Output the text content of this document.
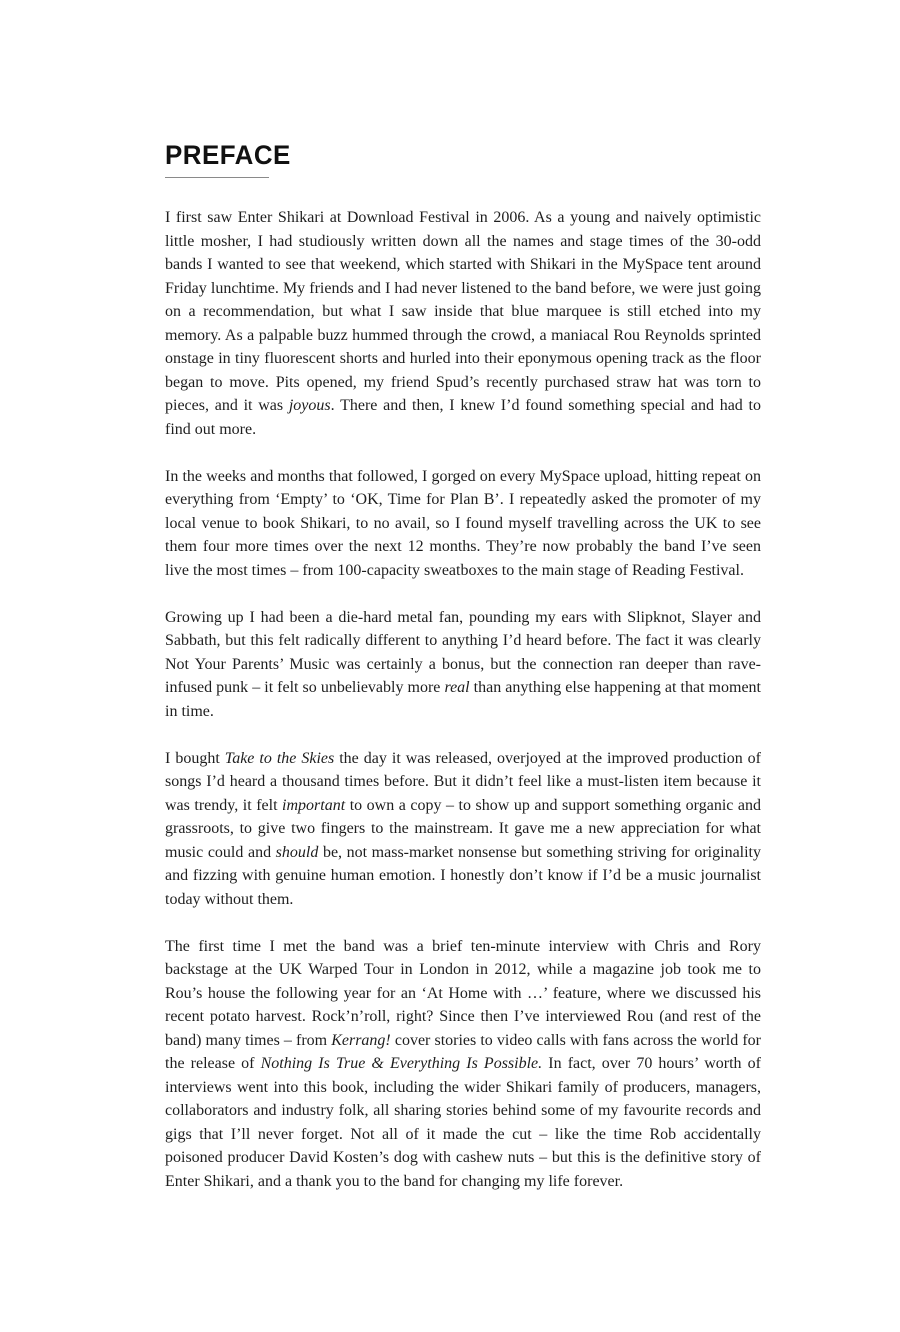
PREFACE

I first saw Enter Shikari at Download Festival in 2006. As a young and naively optimistic little mosher, I had studiously written down all the names and stage times of the 30-odd bands I wanted to see that weekend, which started with Shikari in the MySpace tent around Friday lunchtime. My friends and I had never listened to the band before, we were just going on a recommendation, but what I saw inside that blue marquee is still etched into my memory. As a palpable buzz hummed through the crowd, a maniacal Rou Reynolds sprinted onstage in tiny fluorescent shorts and hurled into their eponymous opening track as the floor began to move. Pits opened, my friend Spud’s recently purchased straw hat was torn to pieces, and it was joyous. There and then, I knew I’d found something special and had to find out more.

In the weeks and months that followed, I gorged on every MySpace upload, hitting repeat on everything from ‘Empty’ to ‘OK, Time for Plan B’. I repeatedly asked the promoter of my local venue to book Shikari, to no avail, so I found myself travelling across the UK to see them four more times over the next 12 months. They’re now probably the band I’ve seen live the most times – from 100-capacity sweatboxes to the main stage of Reading Festival.

Growing up I had been a die-hard metal fan, pounding my ears with Slipknot, Slayer and Sabbath, but this felt radically different to anything I’d heard before. The fact it was clearly Not Your Parents’ Music was certainly a bonus, but the connection ran deeper than rave-infused punk – it felt so unbelievably more real than anything else happening at that moment in time.

I bought Take to the Skies the day it was released, overjoyed at the improved production of songs I’d heard a thousand times before. But it didn’t feel like a must-listen item because it was trendy, it felt important to own a copy – to show up and support something organic and grassroots, to give two fingers to the mainstream. It gave me a new appreciation for what music could and should be, not mass-market nonsense but something striving for originality and fizzing with genuine human emotion. I honestly don’t know if I’d be a music journalist today without them.

The first time I met the band was a brief ten-minute interview with Chris and Rory backstage at the UK Warped Tour in London in 2012, while a magazine job took me to Rou’s house the following year for an ‘At Home with …’ feature, where we discussed his recent potato harvest. Rock’n’roll, right? Since then I’ve interviewed Rou (and rest of the band) many times – from Kerrang! cover stories to video calls with fans across the world for the release of Nothing Is True & Everything Is Possible. In fact, over 70 hours’ worth of interviews went into this book, including the wider Shikari family of producers, managers, collaborators and industry folk, all sharing stories behind some of my favourite records and gigs that I’ll never forget. Not all of it made the cut – like the time Rob accidentally poisoned producer David Kosten’s dog with cashew nuts – but this is the definitive story of Enter Shikari, and a thank you to the band for changing my life forever.
